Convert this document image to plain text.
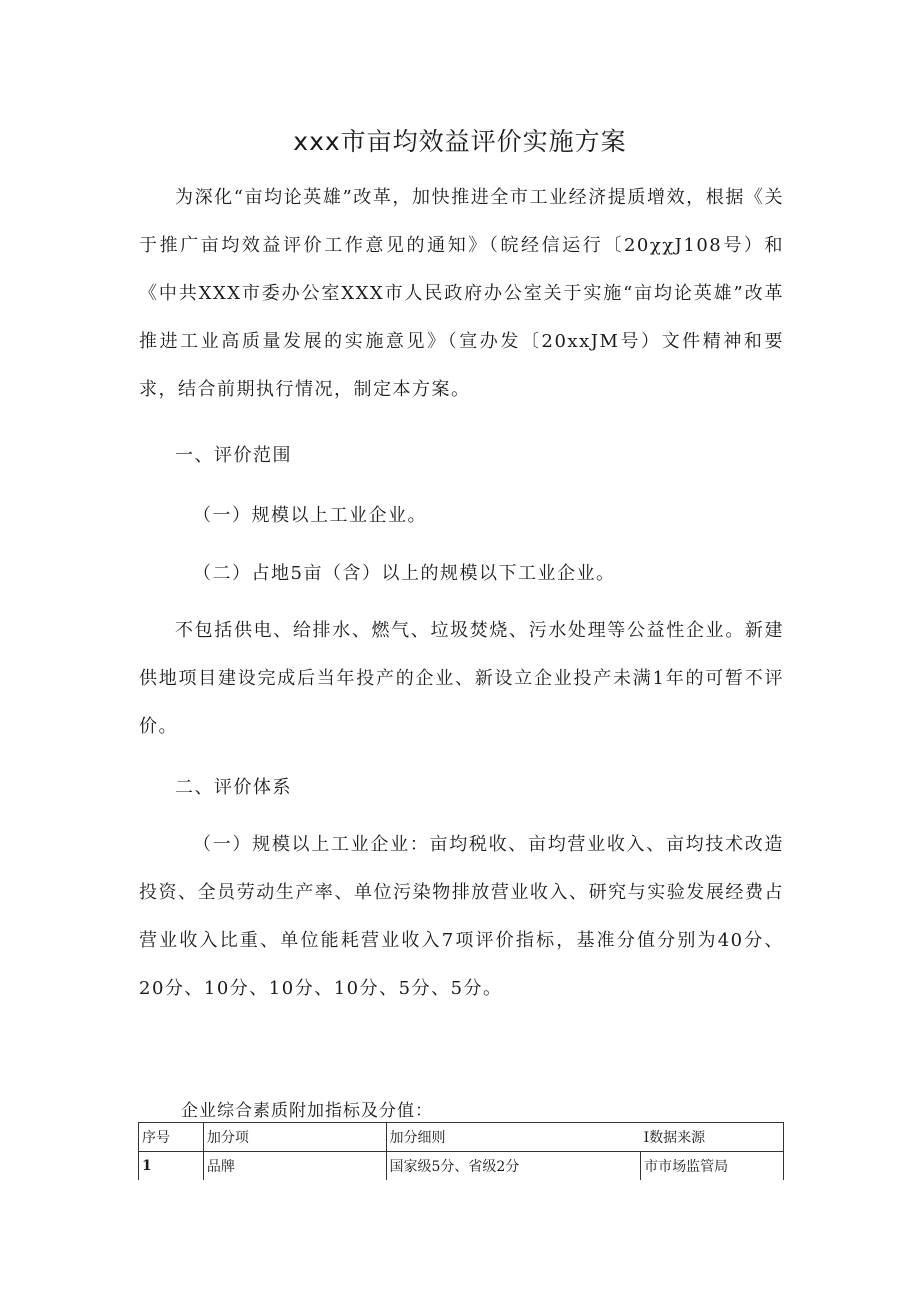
xxx市亩均效益评价实施方案

为深化“亩均论英雄”改革，加快推进全市工业经济提质增效，根据《关于推广亩均效益评价工作意见的通知》（皖经信运行〔20χχJ108号）和《中共XXX市委办公室XXX市人民政府办公室关于实施“亩均论英雄”改革推进工业高质量发展的实施意见》（宣办发〔20xxJM号）文件精神和要求，结合前期执行情况，制定本方案。

一、评价范围

（一）规模以上工业企业。

（二）占地5亩（含）以上的规模以下工业企业。

不包括供电、给排水、燃气、垃圾焚烧、污水处理等公益性企业。新建供地项目建设完成后当年投产的企业、新设立企业投产未满1年的可暂不评价。

二、评价体系

（一）规模以上工业企业：亩均税收、亩均营业收入、亩均技术改造投资、全员劳动生产率、单位污染物排放营业收入、研究与实验发展经费占营业收入比重、单位能耗营业收入7项评价指标，基准分值分别为40分、20分、10分、10分、10分、5分、5分。

企业综合素质附加指标及分值：

序号	加分项	加分细则	I数据来源
1	品牌	国家级5分、省级2分	市市场监管局
